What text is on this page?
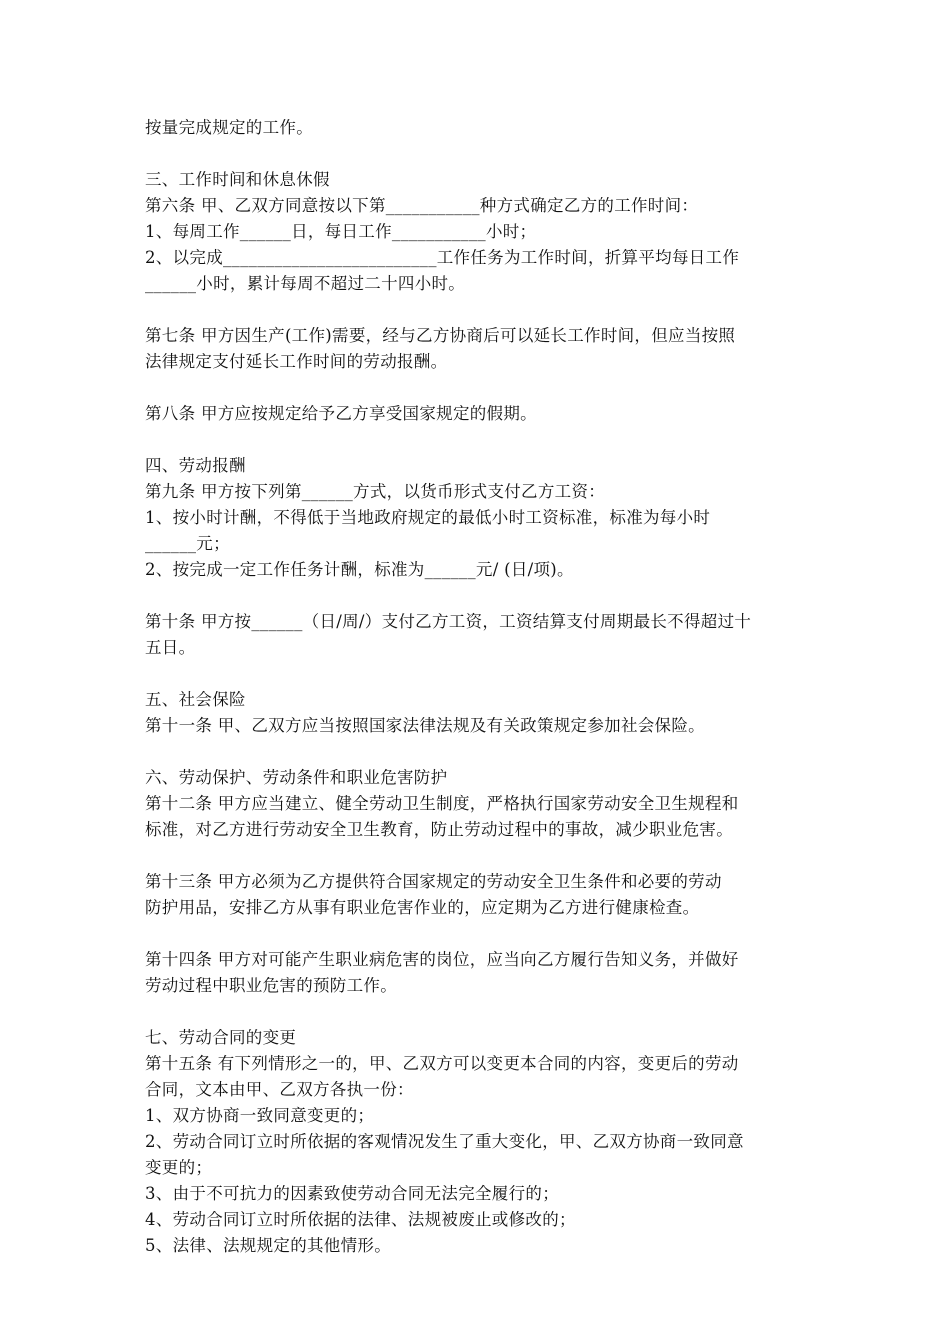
按量完成规定的工作。
三、工作时间和休息休假
第六条 甲、乙双方同意按以下第___________种方式确定乙方的工作时间：
1、每周工作______日，每日工作___________小时；
2、以完成_________________________工作任务为工作时间，折算平均每日工作
______小时，累计每周不超过二十四小时。
第七条 甲方因生产(工作)需要，经与乙方协商后可以延长工作时间，但应当按照
法律规定支付延长工作时间的劳动报酬。
第八条 甲方应按规定给予乙方享受国家规定的假期。
四、劳动报酬
第九条 甲方按下列第______方式，以货币形式支付乙方工资：
1、按小时计酬，不得低于当地政府规定的最低小时工资标准，标准为每小时
______元；
2、按完成一定工作任务计酬，标准为______元/ (日/项)。
第十条 甲方按______（日/周/）支付乙方工资，工资结算支付周期最长不得超过十
五日。
五、社会保险
第十一条 甲、乙双方应当按照国家法律法规及有关政策规定参加社会保险。
六、劳动保护、劳动条件和职业危害防护
第十二条 甲方应当建立、健全劳动卫生制度，严格执行国家劳动安全卫生规程和
标准，对乙方进行劳动安全卫生教育，防止劳动过程中的事故，减少职业危害。
第十三条 甲方必须为乙方提供符合国家规定的劳动安全卫生条件和必要的劳动
防护用品，安排乙方从事有职业危害作业的，应定期为乙方进行健康检查。
第十四条 甲方对可能产生职业病危害的岗位，应当向乙方履行告知义务，并做好
劳动过程中职业危害的预防工作。
七、劳动合同的变更
第十五条 有下列情形之一的，甲、乙双方可以变更本合同的内容，变更后的劳动
合同，文本由甲、乙双方各执一份：
1、双方协商一致同意变更的；
2、劳动合同订立时所依据的客观情况发生了重大变化，甲、乙双方协商一致同意
变更的；
3、由于不可抗力的因素致使劳动合同无法完全履行的；
4、劳动合同订立时所依据的法律、法规被废止或修改的；
5、法律、法规规定的其他情形。
